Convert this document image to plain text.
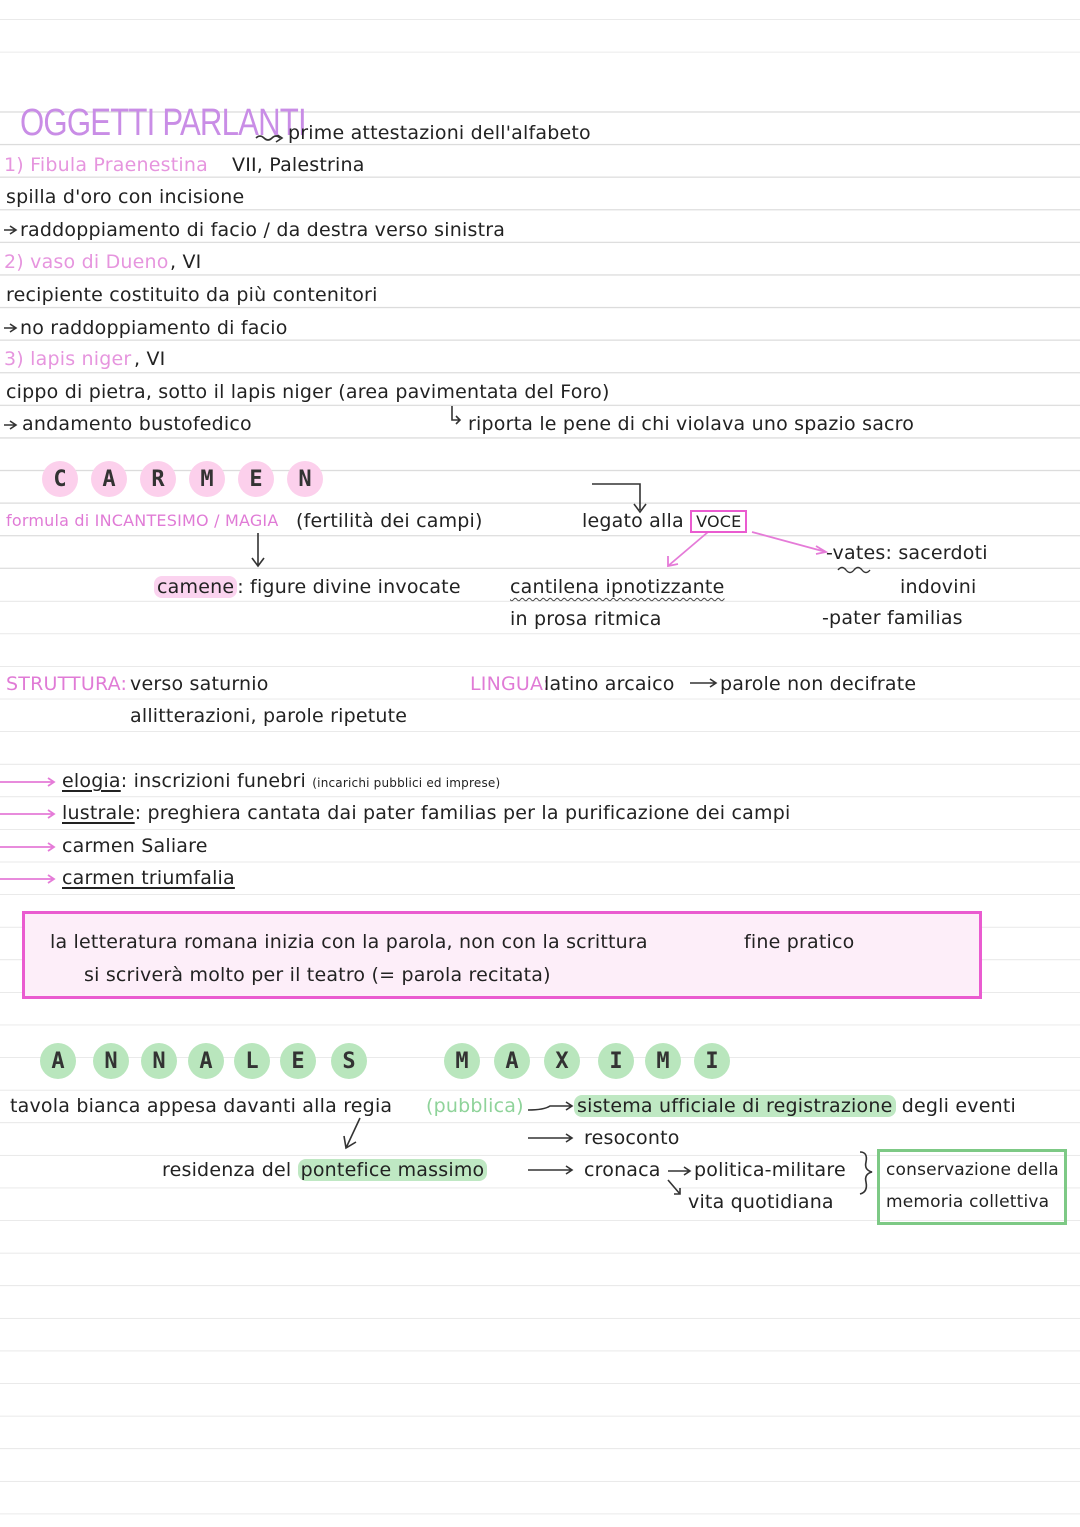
OGGETTI PARLANTI
prime attestazioni dell'alfabeto
1) Fibula Praenestina VII, Palestrina
spilla d'oro con incisione
raddoppiamento di facio / da destra verso sinistra
2) vaso di Dueno , VI
recipiente costituito da più contenitori
no raddoppiamento di facio
3) lapis niger , VI
cippo di pietra, sotto il lapis niger (area pavimentata del Foro)
andamento bustofedico	riporta le pene di chi violava uno spazio sacro
C	A	R	M	E	N
formula di INCANTESIMO / MAGIA (fertilità dei campi)
camene : figure divine invocate
legato alla VOCE
cantilena ipnotizzante
in prosa ritmica
-vates: sacerdoti
indovini
-pater familias
STRUTTURA: verso saturnio
allitterazioni, parole ripetute
LINGUA:
latino arcaico parole non decifrate
elogia: inscrizioni funebri (incarichi pubblici ed imprese)
lustrale: preghiera cantata dai pater familias per la purificazione dei campi
carmen Saliare
carmen triumfalia
la letteratura romana inizia con la parola, non con la scrittura	fine pratico
si scriverà molto per il teatro (= parola recitata)
A	N	N	A	L	E	S	M	A	X	I	M	I
tavola bianca appesa davanti alla regia (pubblica)	sistema ufficiale di registrazione degli eventi
resoconto
cronaca politica-militare
vita quotidiana
residenza del pontefice massimo	conservazione della
memoria collettiva
